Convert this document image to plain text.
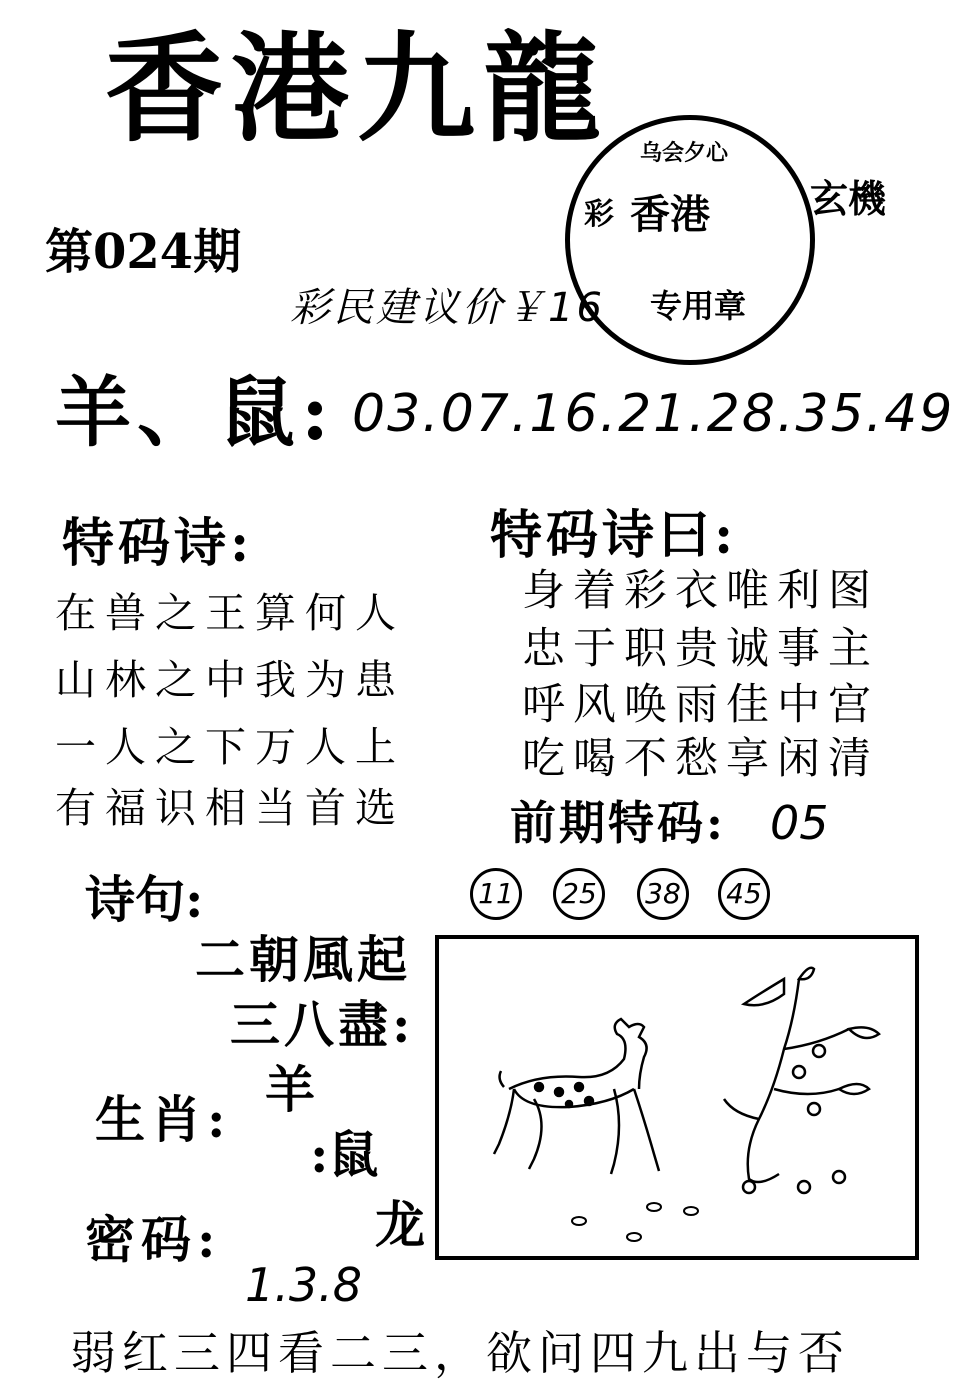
香港九龍 乌会夕心
彩 香港
专用章
玄機
第024期
彩民建议价￥16
羊、鼠: 03.07.16.21.28.35.49
特码诗:
在兽之王算何人
山林之中我为患
一人之下万人上
有福识相当首选
特码诗曰:
身着彩衣唯利图
忠于职贵诚事主
呼风唤雨佳中宫
吃喝不愁享闲清
前期特码: 05
11 25 38 45
诗句:
二朝風起
三八盡:
生肖:
羊
:鼠
龙
密码:
1.3.8
弱红三四看二三，欲问四九出与否
